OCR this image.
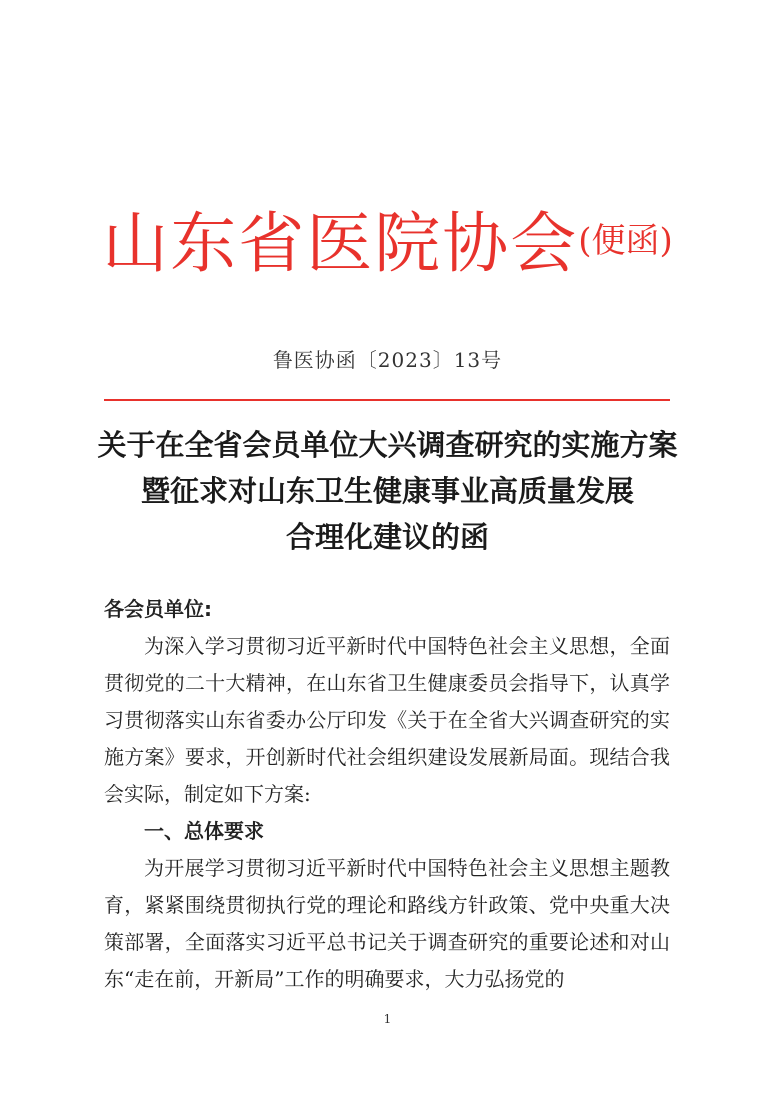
山东省医院协会(便函)
鲁医协函〔2023〕13号
关于在全省会员单位大兴调查研究的实施方案
暨征求对山东卫生健康事业高质量发展
合理化建议的函
各会员单位:

为深入学习贯彻习近平新时代中国特色社会主义思想，全面贯彻党的二十大精神，在山东省卫生健康委员会指导下，认真学习贯彻落实山东省委办公厅印发《关于在全省大兴调查研究的实施方案》要求，开创新时代社会组织建设发展新局面。现结合我会实际，制定如下方案:

一、总体要求

为开展学习贯彻习近平新时代中国特色社会主义思想主题教育，紧紧围绕贯彻执行党的理论和路线方针政策、党中央重大决策部署，全面落实习近平总书记关于调查研究的重要论述和对山东“走在前，开新局”工作的明确要求，大力弘扬党的

1
